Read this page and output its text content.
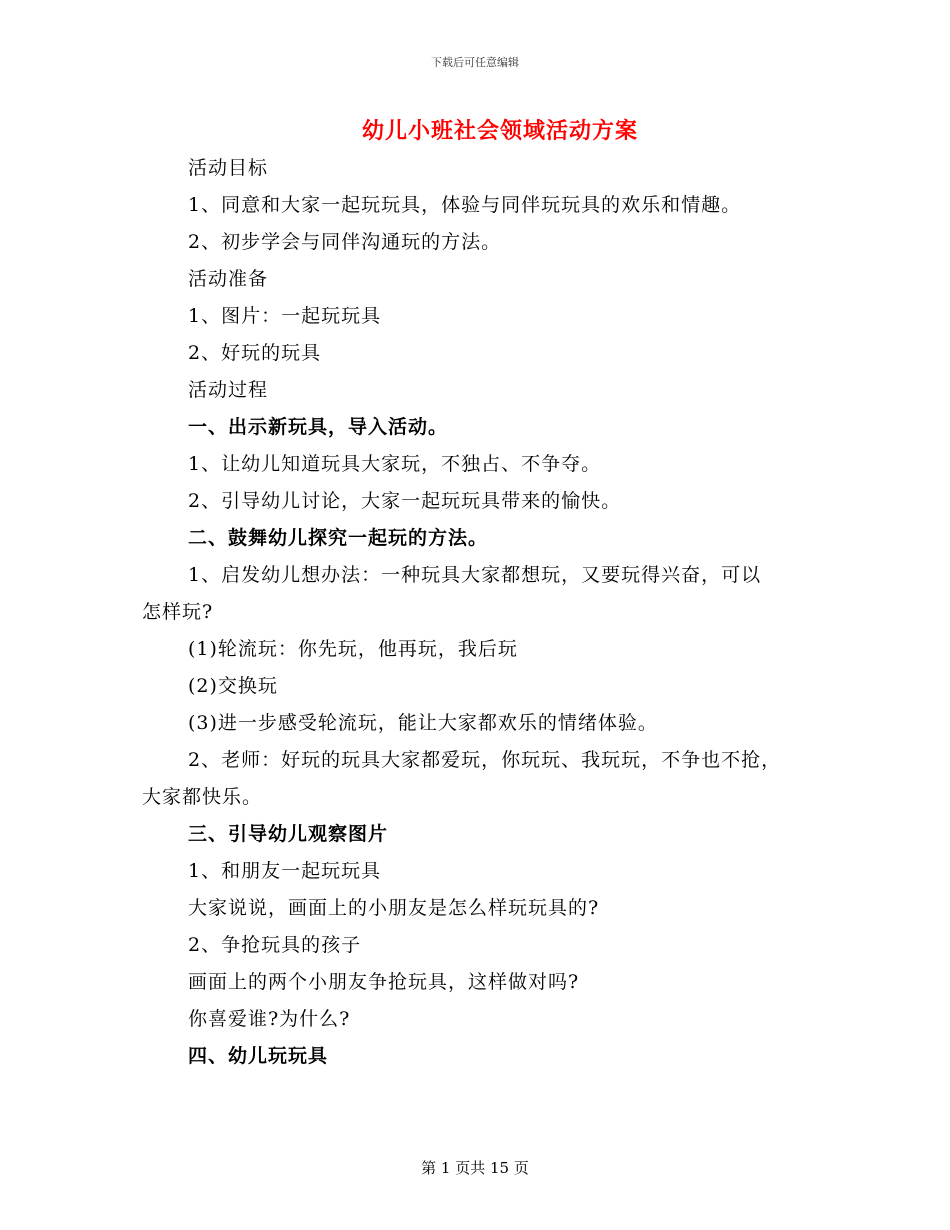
下载后可任意编辑
幼儿小班社会领域活动方案
活动目标
1、同意和大家一起玩玩具，体验与同伴玩玩具的欢乐和情趣。
2、初步学会与同伴沟通玩的方法。
活动准备
1、图片：一起玩玩具
2、好玩的玩具
活动过程
一、出示新玩具，导入活动。
1、让幼儿知道玩具大家玩，不独占、不争夺。
2、引导幼儿讨论，大家一起玩玩具带来的愉快。
二、鼓舞幼儿探究一起玩的方法。
1、启发幼儿想办法：一种玩具大家都想玩，又要玩得兴奋，可以
怎样玩?
(1)轮流玩：你先玩，他再玩，我后玩
(2)交换玩
(3)进一步感受轮流玩，能让大家都欢乐的情绪体验。
2、老师：好玩的玩具大家都爱玩，你玩玩、我玩玩，不争也不抢，
大家都快乐。
三、引导幼儿观察图片
1、和朋友一起玩玩具
大家说说，画面上的小朋友是怎么样玩玩具的?
2、争抢玩具的孩子
画面上的两个小朋友争抢玩具，这样做对吗?
你喜爱谁?为什么?
四、幼儿玩玩具
第 1 页共 15 页
